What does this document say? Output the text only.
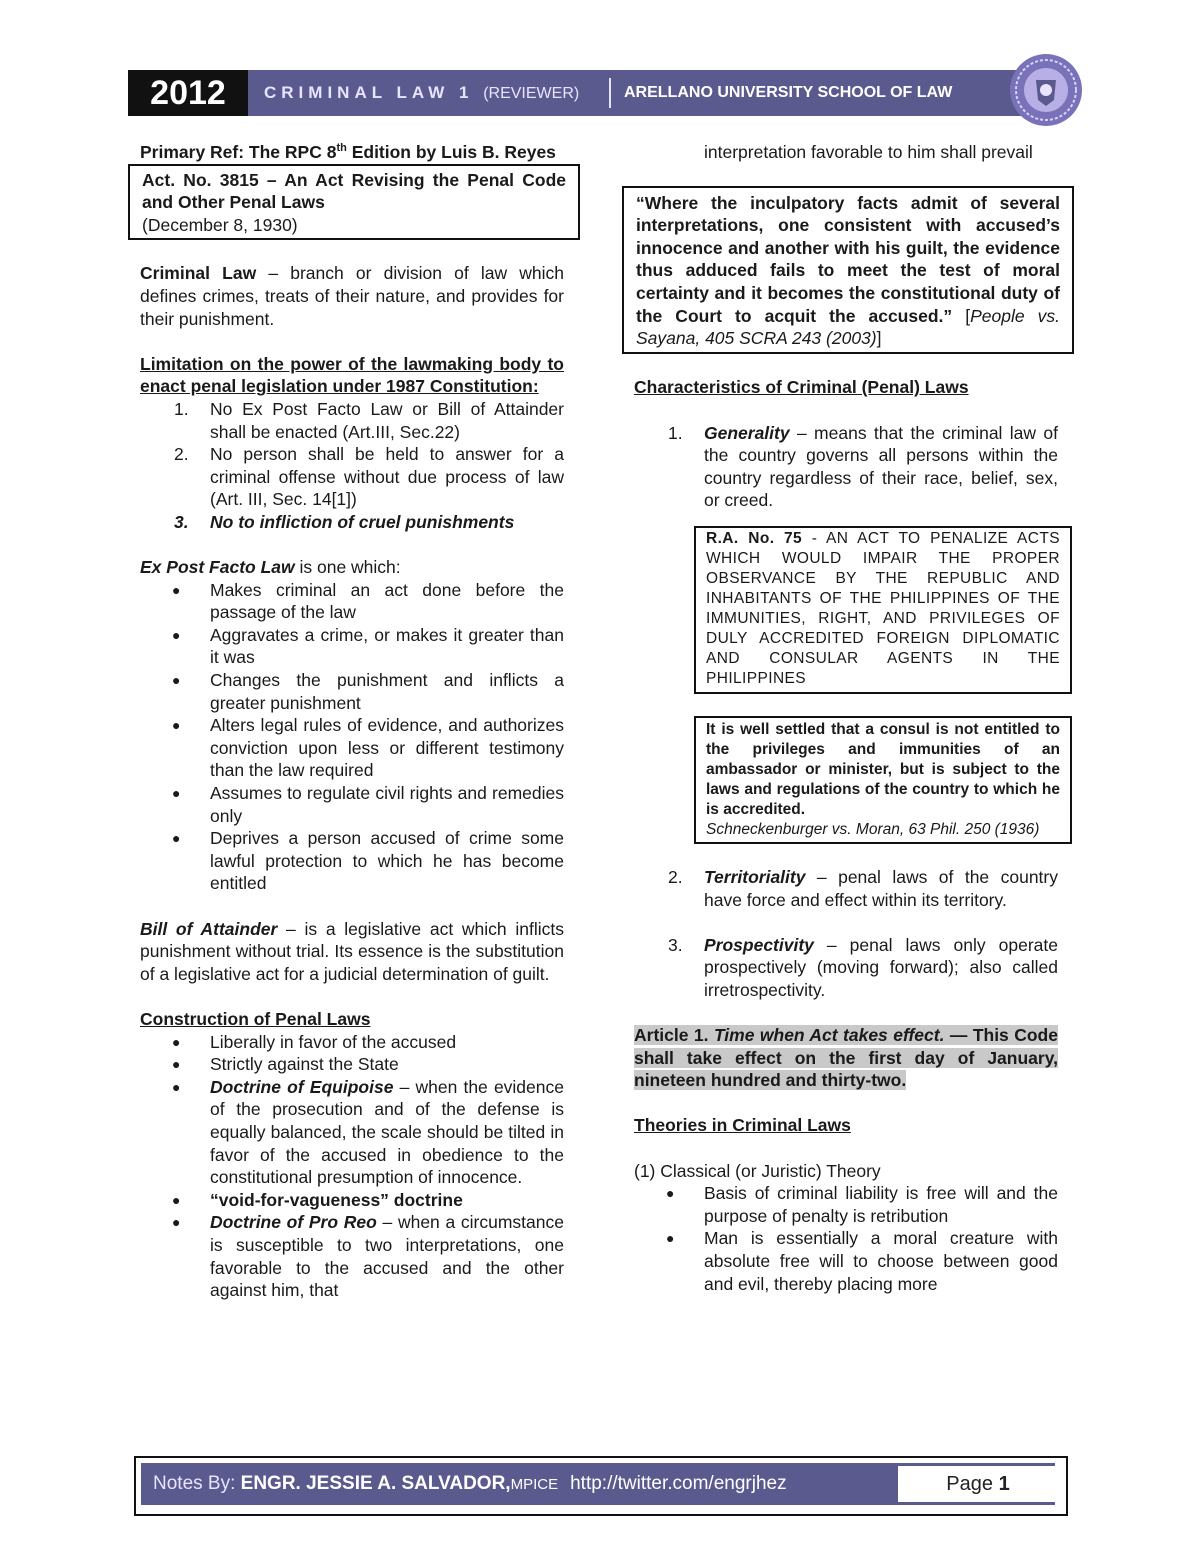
2012	CRIMINAL LAW 1 (REVIEWER)	ARELLANO UNIVERSITY SCHOOL OF LAW

Primary Ref: The RPC 8th Edition by Luis B. Reyes

Act. No. 3815 – An Act Revising the Penal Code and Other Penal Laws

(December 8, 1930)

Criminal Law – branch or division of law which defines crimes, treats of their nature, and provides for their punishment.

Limitation on the power of the lawmaking body to enact penal legislation under 1987 Constitution:

1. No Ex Post Facto Law or Bill of Attainder shall be enacted (Art.III, Sec.22)
2. No person shall be held to answer for a criminal offense without due process of law (Art. III, Sec. 14[1])
3. No to infliction of cruel punishments

Ex Post Facto Law is one which:

● Makes criminal an act done before the passage of the law
● Aggravates a crime, or makes it greater than it was
● Changes the punishment and inflicts a greater punishment
● Alters legal rules of evidence, and authorizes conviction upon less or different testimony than the law required
● Assumes to regulate civil rights and remedies only
● Deprives a person accused of crime some lawful protection to which he has become entitled

Bill of Attainder – is a legislative act which inflicts punishment without trial. Its essence is the substitution of a legislative act for a judicial determination of guilt.

Construction of Penal Laws

● Liberally in favor of the accused
● Strictly against the State
● Doctrine of Equipoise – when the evidence of the prosecution and of the defense is equally balanced, the scale should be tilted in favor of the accused in obedience to the constitutional presumption of innocence.
● “void-for-vagueness” doctrine
● Doctrine of Pro Reo – when a circumstance is susceptible to two interpretations, one favorable to the accused and the other against him, that

interpretation favorable to him shall prevail

“Where the inculpatory facts admit of several interpretations, one consistent with accused’s innocence and another with his guilt, the evidence thus adduced fails to meet the test of moral certainty and it becomes the constitutional duty of the Court to acquit the accused.” [People vs. Sayana, 405 SCRA 243 (2003)]

Characteristics of Criminal (Penal) Laws

1. Generality – means that the criminal law of the country governs all persons within the country regardless of their race, belief, sex, or creed.

R.A. No. 75 - AN ACT TO PENALIZE ACTS WHICH WOULD IMPAIR THE PROPER OBSERVANCE BY THE REPUBLIC AND INHABITANTS OF THE PHILIPPINES OF THE IMMUNITIES, RIGHT, AND PRIVILEGES OF DULY ACCREDITED FOREIGN DIPLOMATIC AND CONSULAR AGENTS IN THE PHILIPPINES

It is well settled that a consul is not entitled to the privileges and immunities of an ambassador or minister, but is subject to the laws and regulations of the country to which he is accredited.

Schneckenburger vs. Moran, 63 Phil. 250 (1936)

2. Territoriality – penal laws of the country have force and effect within its territory.
3. Prospectivity – penal laws only operate prospectively (moving forward); also called irretrospectivity.

Article 1. Time when Act takes effect. — This Code shall take effect on the first day of January, nineteen hundred and thirty-two.

Theories in Criminal Laws

(1) Classical (or Juristic) Theory

● Basis of criminal liability is free will and the purpose of penalty is retribution
● Man is essentially a moral creature with absolute free will to choose between good and evil, thereby placing more
Notes By: ENGR. JESSIE A. SALVADOR,MPICE http://twitter.com/engrjhez	Page 1
